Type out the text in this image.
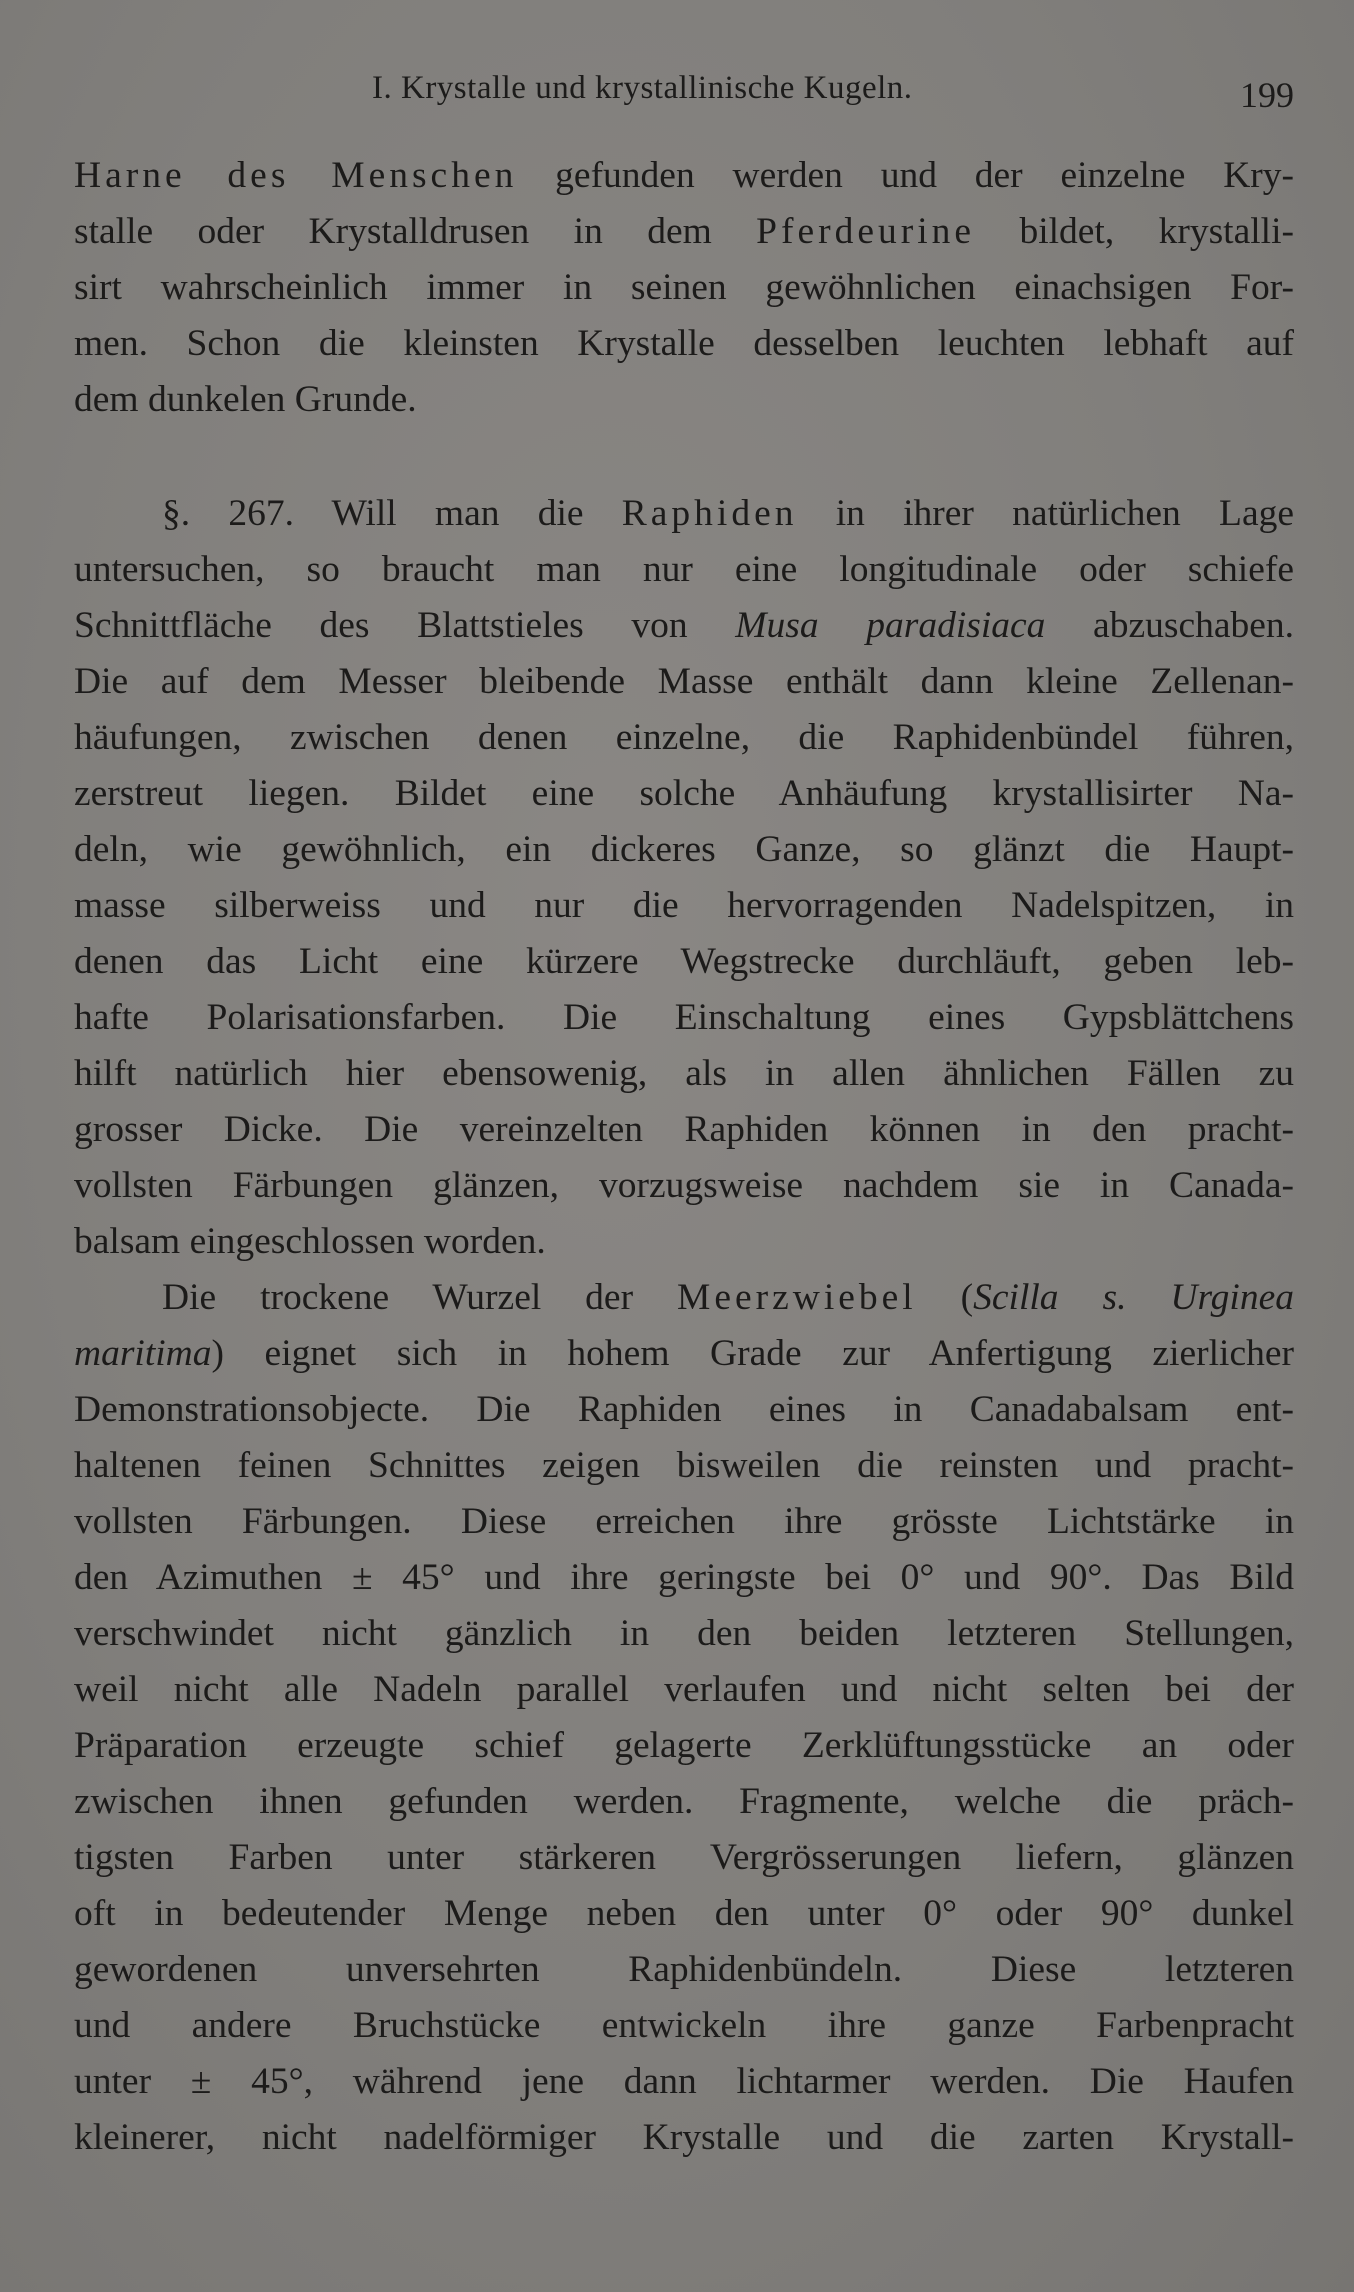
I. Krystalle und krystallinische Kugeln.	199
Harne des Menschen gefunden werden und der einzelne Kry-
stalle oder Krystalldrusen in dem Pferdeurine bildet, krystalli-
sirt wahrscheinlich immer in seinen gewöhnlichen einachsigen For-
men. Schon die kleinsten Krystalle desselben leuchten lebhaft auf
dem dunkelen Grunde.
§. 267. Will man die Raphiden in ihrer natürlichen Lage
untersuchen, so braucht man nur eine longitudinale oder schiefe
Schnittfläche des Blattstieles von Musa paradisiaca abzuschaben.
Die auf dem Messer bleibende Masse enthält dann kleine Zellenan-
häufungen, zwischen denen einzelne, die Raphidenbündel führen,
zerstreut liegen. Bildet eine solche Anhäufung krystallisirter Na-
deln, wie gewöhnlich, ein dickeres Ganze, so glänzt die Haupt-
masse silberweiss und nur die hervorragenden Nadelspitzen, in
denen das Licht eine kürzere Wegstrecke durchläuft, geben leb-
hafte Polarisationsfarben. Die Einschaltung eines Gypsblättchens
hilft natürlich hier ebensowenig, als in allen ähnlichen Fällen zu
grosser Dicke. Die vereinzelten Raphiden können in den pracht-
vollsten Färbungen glänzen, vorzugsweise nachdem sie in Canada-
balsam eingeschlossen worden.
Die trockene Wurzel der Meerzwiebel (Scilla s. Urginea
maritima) eignet sich in hohem Grade zur Anfertigung zierlicher
Demonstrationsobjecte. Die Raphiden eines in Canadabalsam ent-
haltenen feinen Schnittes zeigen bisweilen die reinsten und pracht-
vollsten Färbungen. Diese erreichen ihre grösste Lichtstärke in
den Azimuthen ± 45° und ihre geringste bei 0° und 90°. Das Bild
verschwindet nicht gänzlich in den beiden letzteren Stellungen,
weil nicht alle Nadeln parallel verlaufen und nicht selten bei der
Präparation erzeugte schief gelagerte Zerklüftungsstücke an oder
zwischen ihnen gefunden werden. Fragmente, welche die präch-
tigsten Farben unter stärkeren Vergrösserungen liefern, glänzen
oft in bedeutender Menge neben den unter 0° oder 90° dunkel
gewordenen unversehrten Raphidenbündeln. Diese letzteren
und andere Bruchstücke entwickeln ihre ganze Farbenpracht
unter ± 45°, während jene dann lichtarmer werden. Die Haufen
kleinerer, nicht nadelförmiger Krystalle und die zarten Krystall-
